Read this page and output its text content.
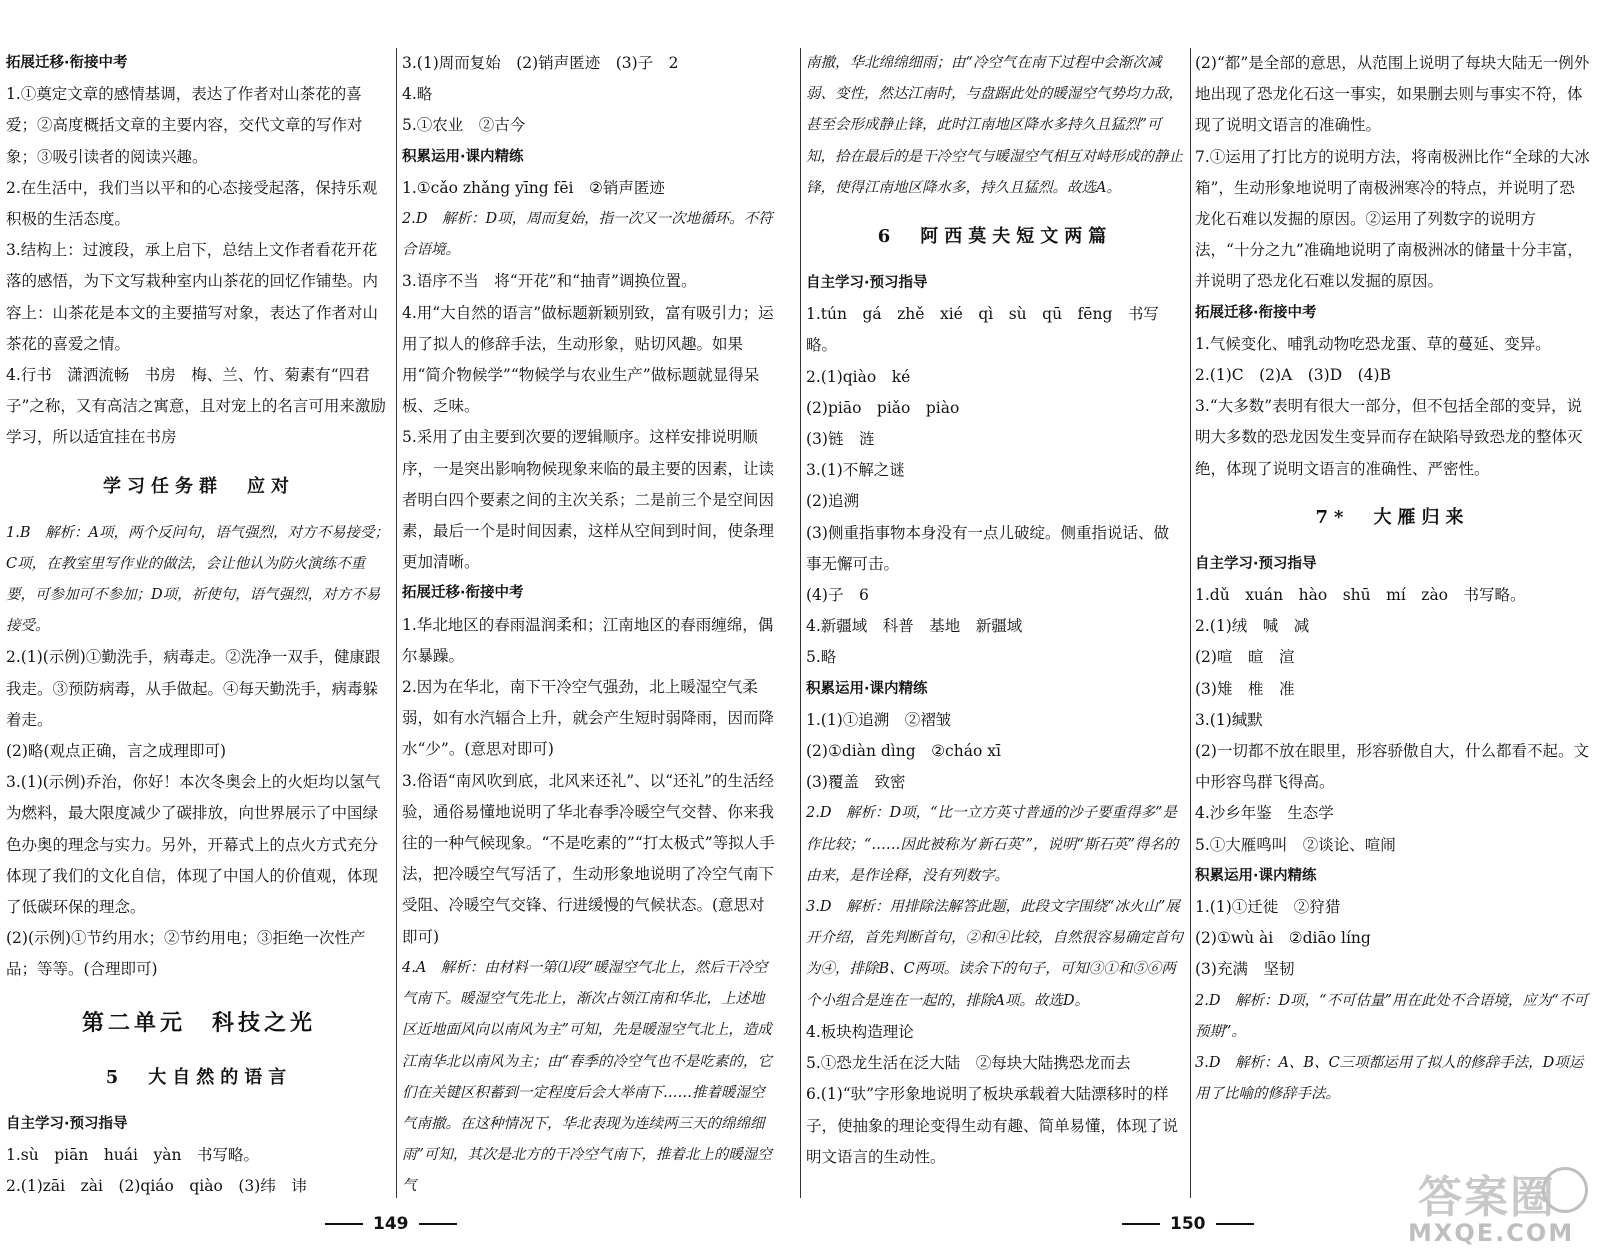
拓展迁移·衔接中考
1.①奠定文章的感情基调，表达了作者对山茶花的喜爱；②高度概括文章的主要内容，交代文章的写作对象；③吸引读者的阅读兴趣。
2.在生活中，我们当以平和的心态接受起落，保持乐观积极的生活态度。
3.结构上：过渡段，承上启下，总结上文作者看花开花落的感悟，为下文写栽种室内山茶花的回忆作铺垫。内容上：山茶花是本文的主要描写对象，表达了作者对山茶花的喜爱之情。
4.行书　潇洒流畅　书房　梅、兰、竹、菊素有“四君子”之称，又有高洁之寓意，且对宠上的名言可用来激励学习，所以适宜挂在书房
学习任务群　应对
1.B　解析：A项，两个反问句，语气强烈，对方不易接受；C项，在教室里写作业的做法，会让他认为防火演练不重要，可参加可不参加；D项，祈使句，语气强烈，对方不易接受。
2.(1)(示例)①勤洗手，病毒走。②洗净一双手，健康跟我走。③预防病毒，从手做起。④每天勤洗手，病毒躲着走。
(2)略(观点正确，言之成理即可)
3.(1)(示例)乔治，你好！本次冬奥会上的火炬均以氢气为燃料，最大限度减少了碳排放，向世界展示了中国绿色办奥的理念与实力。另外，开幕式上的点火方式充分体现了我们的文化自信，体现了中国人的价值观，体现了低碳环保的理念。
(2)(示例)①节约用水；②节约用电；③拒绝一次性产品；等等。(合理即可)
第二单元　科技之光
5　大自然的语言
自主学习·预习指导
1.sù　piān　huái　yàn　书写略。
2.(1)zāi　zài　(2)qiáo　qiào　(3)纬　讳
3.(1)周而复始　(2)销声匿迹　(3)子　2
4.略
5.①农业　②古今
积累运用·课内精练
1.①cǎo zhǎng yīng fēi　②销声匿迹
2.D　解析：D项，周而复始，指一次又一次地循环。不符合语境。
3.语序不当　将“开花”和“抽青”调换位置。
4.用“大自然的语言”做标题新颖别致，富有吸引力；运用了拟人的修辞手法，生动形象，贴切风趣。如果用“简介物候学”“物候学与农业生产”做标题就显得呆板、乏味。
5.采用了由主要到次要的逻辑顺序。这样安排说明顺序，一是突出影响物候现象来临的最主要的因素，让读者明白四个要素之间的主次关系；二是前三个是空间因素，最后一个是时间因素，这样从空间到时间，使条理更加清晰。
拓展迁移·衔接中考
1.华北地区的春雨温润柔和；江南地区的春雨缠绵，偶尔暴躁。
2.因为在华北，南下干冷空气强劲，北上暖湿空气柔弱，如有水汽辐合上升，就会产生短时弱降雨，因而降水“少”。(意思对即可)
3.俗语“南风吹到底，北风来还礼”、以“还礼”的生活经验，通俗易懂地说明了华北春季冷暖空气交替、你来我往的一种气候现象。“不是吃素的”“打太极式”等拟人手法，把冷暖空气写活了，生动形象地说明了冷空气南下受阻、冷暖空气交锋、行进缓慢的气候状态。(意思对即可)
4.A　解析：由材料一第⑴段“暖湿空气北上，然后干冷空气南下。暖湿空气先北上，渐次占领江南和华北，上述地区近地面风向以南风为主”可知，先是暖湿空气北上，造成江南华北以南风为主；由“春季的冷空气也不是吃素的，它们在关键区积蓄到一定程度后会大举南下……推着暖湿空气南撤。在这种情况下，华北表现为连续两三天的绵绵细雨”可知，其次是北方的干冷空气南下，推着北上的暖湿空气
南撤，华北绵绵细雨；由“冷空气在南下过程中会渐次减弱、变性，然达江南时，与盘踞此处的暖湿空气势均力敌，甚至会形成静止锋，此时江南地区降水多持久且猛烈”可知，拾在最后的是干冷空气与暖湿空气相互对峙形成的静止锋，使得江南地区降水多，持久且猛烈。故选A。
6　阿西莫夫短文两篇
自主学习·预习指导
1.tún　gá　zhě　xié　qì　sù　qū　fēng　书写略。
2.(1)qiào　ké
(2)piāo　piǎo　piào
(3)链　涟
3.(1)不解之谜
(2)追溯
(3)侧重指事物本身没有一点儿破绽。侧重指说话、做事无懈可击。
(4)子　6
4.新疆域　科普　基地　新疆域
5.略
积累运用·课内精练
1.(1)①追溯　②褶皱
(2)①diàn dìng　②cháo xī
(3)覆盖　致密
2.D　解析：D项，“比一立方英寸普通的沙子要重得多”是作比较；“……因此被称为‘新石英’”，说明“斯石英”得名的由来，是作诠释，没有列数字。
3.D　解析：用排除法解答此题，此段文字围绕“冰火山”展开介绍，首先判断首句，②和④比较，自然很容易确定首句为④，排除B、C两项。读余下的句子，可知③①和⑤⑥两个小组合是连在一起的，排除A项。故选D。
4.板块构造理论
5.①恐龙生活在泛大陆　②每块大陆携恐龙而去
6.(1)“驮”字形象地说明了板块承载着大陆漂移时的样子，使抽象的理论变得生动有趣、简单易懂，体现了说明文语言的生动性。
(2)“都”是全部的意思，从范围上说明了每块大陆无一例外地出现了恐龙化石这一事实，如果删去则与事实不符，体现了说明文语言的准确性。
7.①运用了打比方的说明方法，将南极洲比作“全球的大冰箱”，生动形象地说明了南极洲寒冷的特点，并说明了恐龙化石难以发掘的原因。②运用了列数字的说明方法，“十分之九”准确地说明了南极洲冰的储量十分丰富，并说明了恐龙化石难以发掘的原因。
拓展迁移·衔接中考
1.气候变化、哺乳动物吃恐龙蛋、草的蔓延、变异。
2.(1)C　(2)A　(3)D　(4)B
3.“大多数”表明有很大一部分，但不包括全部的变异，说明大多数的恐龙因发生变异而存在缺陷导致恐龙的整体灭绝，体现了说明文语言的准确性、严密性。
7*　大雁归来
自主学习·预习指导
1.dǔ　xuán　hào　shū　mí　zào　书写略。
2.(1)绒　喊　减
(2)喧　暄　渲
(3)雉　椎　准
3.(1)缄默
(2)一切都不放在眼里，形容骄傲自大，什么都看不起。文中形容鸟群飞得高。
4.沙乡年鉴　生态学
5.①大雁鸣叫　②谈论、喧闹
积累运用·课内精练
1.(1)①迁徙　②狩猎
(2)①wù ài　②diāo líng
(3)充满　坚韧
2.D　解析：D项，“不可估量”用在此处不合语境，应为“不可预期”。
3.D　解析：A、B、C三项都运用了拟人的修辞手法，D项运用了比喻的修辞手法。
149	150
答案圈
MXQE.COM
